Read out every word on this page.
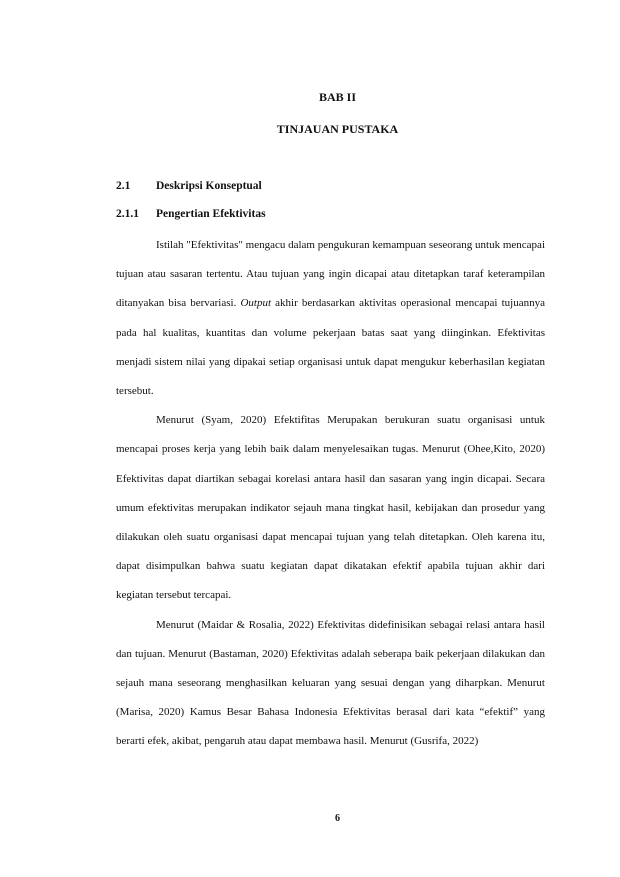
BAB II
TINJAUAN PUSTAKA
2.1 Deskripsi Konseptual
2.1.1 Pengertian Efektivitas

Istilah "Efektivitas" mengacu dalam pengukuran kemampuan seseorang untuk mencapai tujuan atau sasaran tertentu. Atau tujuan yang ingin dicapai atau ditetapkan taraf keterampilan ditanyakan bisa bervariasi. Output akhir berdasarkan aktivitas operasional mencapai tujuannya pada hal kualitas, kuantitas dan volume pekerjaan batas saat yang diinginkan. Efektivitas menjadi sistem nilai yang dipakai setiap organisasi untuk dapat mengukur keberhasilan kegiatan tersebut.

Menurut (Syam, 2020) Efektifitas Merupakan berukuran suatu organisasi untuk mencapai proses kerja yang lebih baik dalam menyelesaikan tugas. Menurut (Ohee,Kito, 2020) Efektivitas dapat diartikan sebagai korelasi antara hasil dan sasaran yang ingin dicapai. Secara umum efektivitas merupakan indikator sejauh mana tingkat hasil, kebijakan dan prosedur yang dilakukan oleh suatu organisasi dapat mencapai tujuan yang telah ditetapkan. Oleh karena itu, dapat disimpulkan bahwa suatu kegiatan dapat dikatakan efektif apabila tujuan akhir dari kegiatan tersebut tercapai.

Menurut (Maidar & Rosalia, 2022) Efektivitas didefinisikan sebagai relasi antara hasil dan tujuan. Menurut (Bastaman, 2020) Efektivitas adalah seberapa baik pekerjaan dilakukan dan sejauh mana seseorang menghasilkan keluaran yang sesuai dengan yang diharpkan. Menurut (Marisa, 2020) Kamus Besar Bahasa Indonesia Efektivitas berasal dari kata “efektif” yang berarti efek, akibat, pengaruh atau dapat membawa hasil. Menurut (Gusrifa, 2022)

6
